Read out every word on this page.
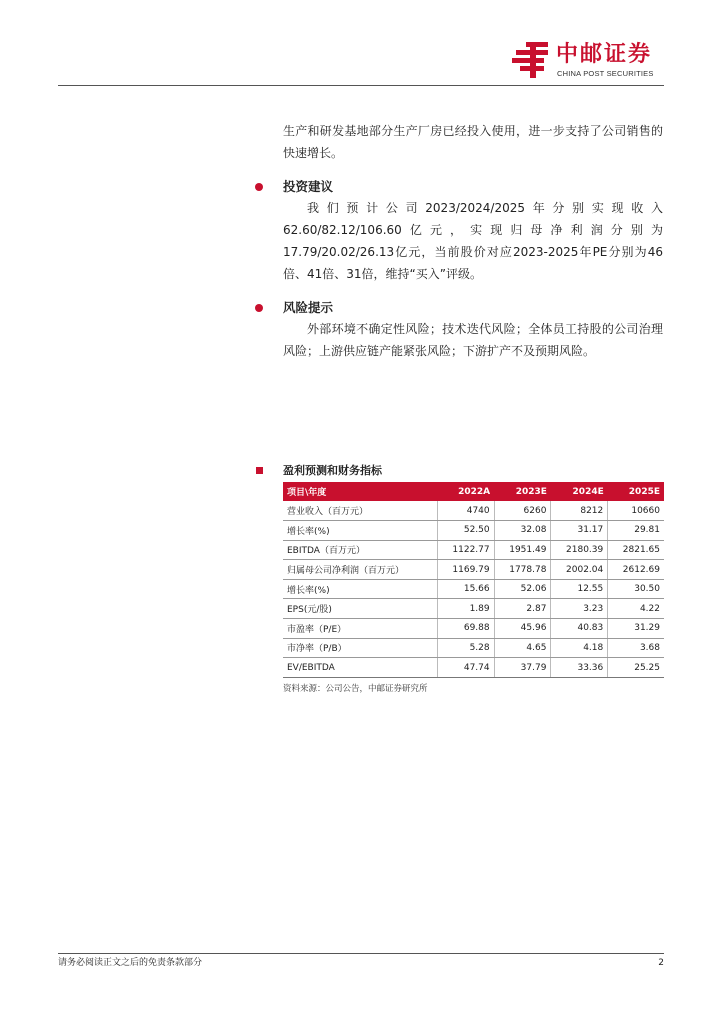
中邮证券
CHINA POST SECURITIES

生产和研发基地部分生产厂房已经投入使用，进一步支持了公司销售的快速增长。

投资建议

我们预计公司2023/2024/2025年分别实现收入62.60/82.12/106.60亿元，实现归母净利润分别为17.79/20.02/26.13亿元，当前股价对应2023-2025年PE分别为46倍、41倍、31倍，维持“买入”评级。

风险提示

外部环境不确定性风险；技术迭代风险；全体员工持股的公司治理风险；上游供应链产能紧张风险；下游扩产不及预期风险。

盈利预测和财务指标
项目\年度	2022A	2023E	2024E	2025E
营业收入（百万元）	4740	6260	8212	10660
增长率(%)	52.50	32.08	31.17	29.81
EBITDA（百万元）	1122.77	1951.49	2180.39	2821.65
归属母公司净利润（百万元）	1169.79	1778.78	2002.04	2612.69
增长率(%)	15.66	52.06	12.55	30.50
EPS(元/股)	1.89	2.87	3.23	4.22
市盈率（P/E）	69.88	45.96	40.83	31.29
市净率（P/B）	5.28	4.65	4.18	3.68
EV/EBITDA	47.74	37.79	33.36	25.25
资料来源：公司公告，中邮证券研究所
请务必阅读正文之后的免责条款部分	2
